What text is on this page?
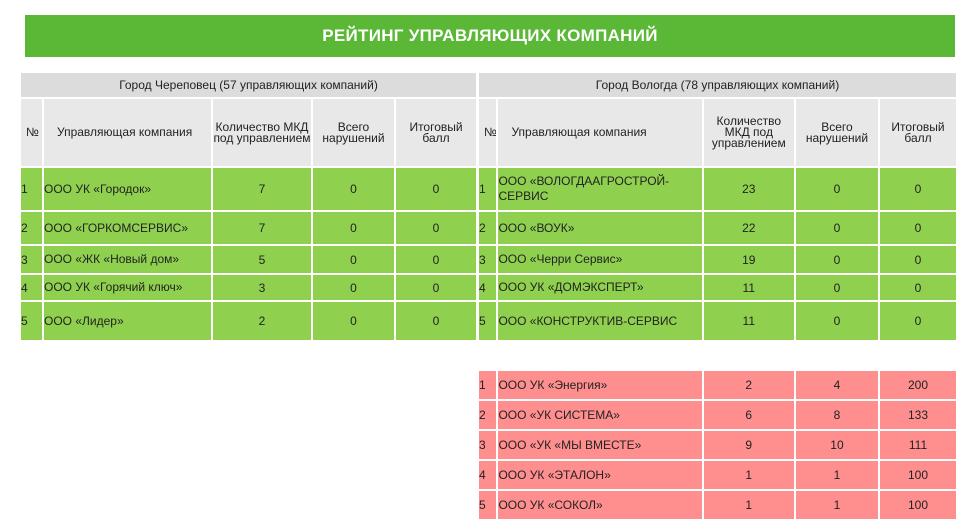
РЕЙТИНГ УПРАВЛЯЮЩИХ КОМПАНИЙ
Город Череповец (57 управляющих компаний)				
№	Управляющая компания	Количество МКД под управлением	Всего нарушений	Итоговый балл
1	ООО УК «Городок»	7	0	0
2	ООО «ГОРКОМСЕРВИС»	7	0	0
3	ООО «ЖК «Новый дом»	5	0	0
4	ООО УК «Горячий ключ»	3	0	0
5	ООО «Лидер»	2	0	0
Город Вологда (78 управляющих компаний)				
№	Управляющая компания	Количество МКД под управлением	Всего нарушений	Итоговый балл
1	ООО «ВОЛОГДААГРОСТРОЙ-СЕРВИС	23	0	0
2	ООО «ВОУК»	22	0	0
3	ООО «Черри Сервис»	19	0	0
4	ООО УК «ДОМЭКСПЕРТ»	11	0	0
5	ООО «КОНСТРУКТИВ-СЕРВИС	11	0	0
1	ООО УК «Энергия»	2	4	200
2	ООО «УК СИСТЕМА»	6	8	133
3	ООО «УК «МЫ ВМЕСТЕ»	9	10	111
4	ООО УК «ЭТАЛОН»	1	1	100
5	ООО УК «СОКОЛ»	1	1	100
